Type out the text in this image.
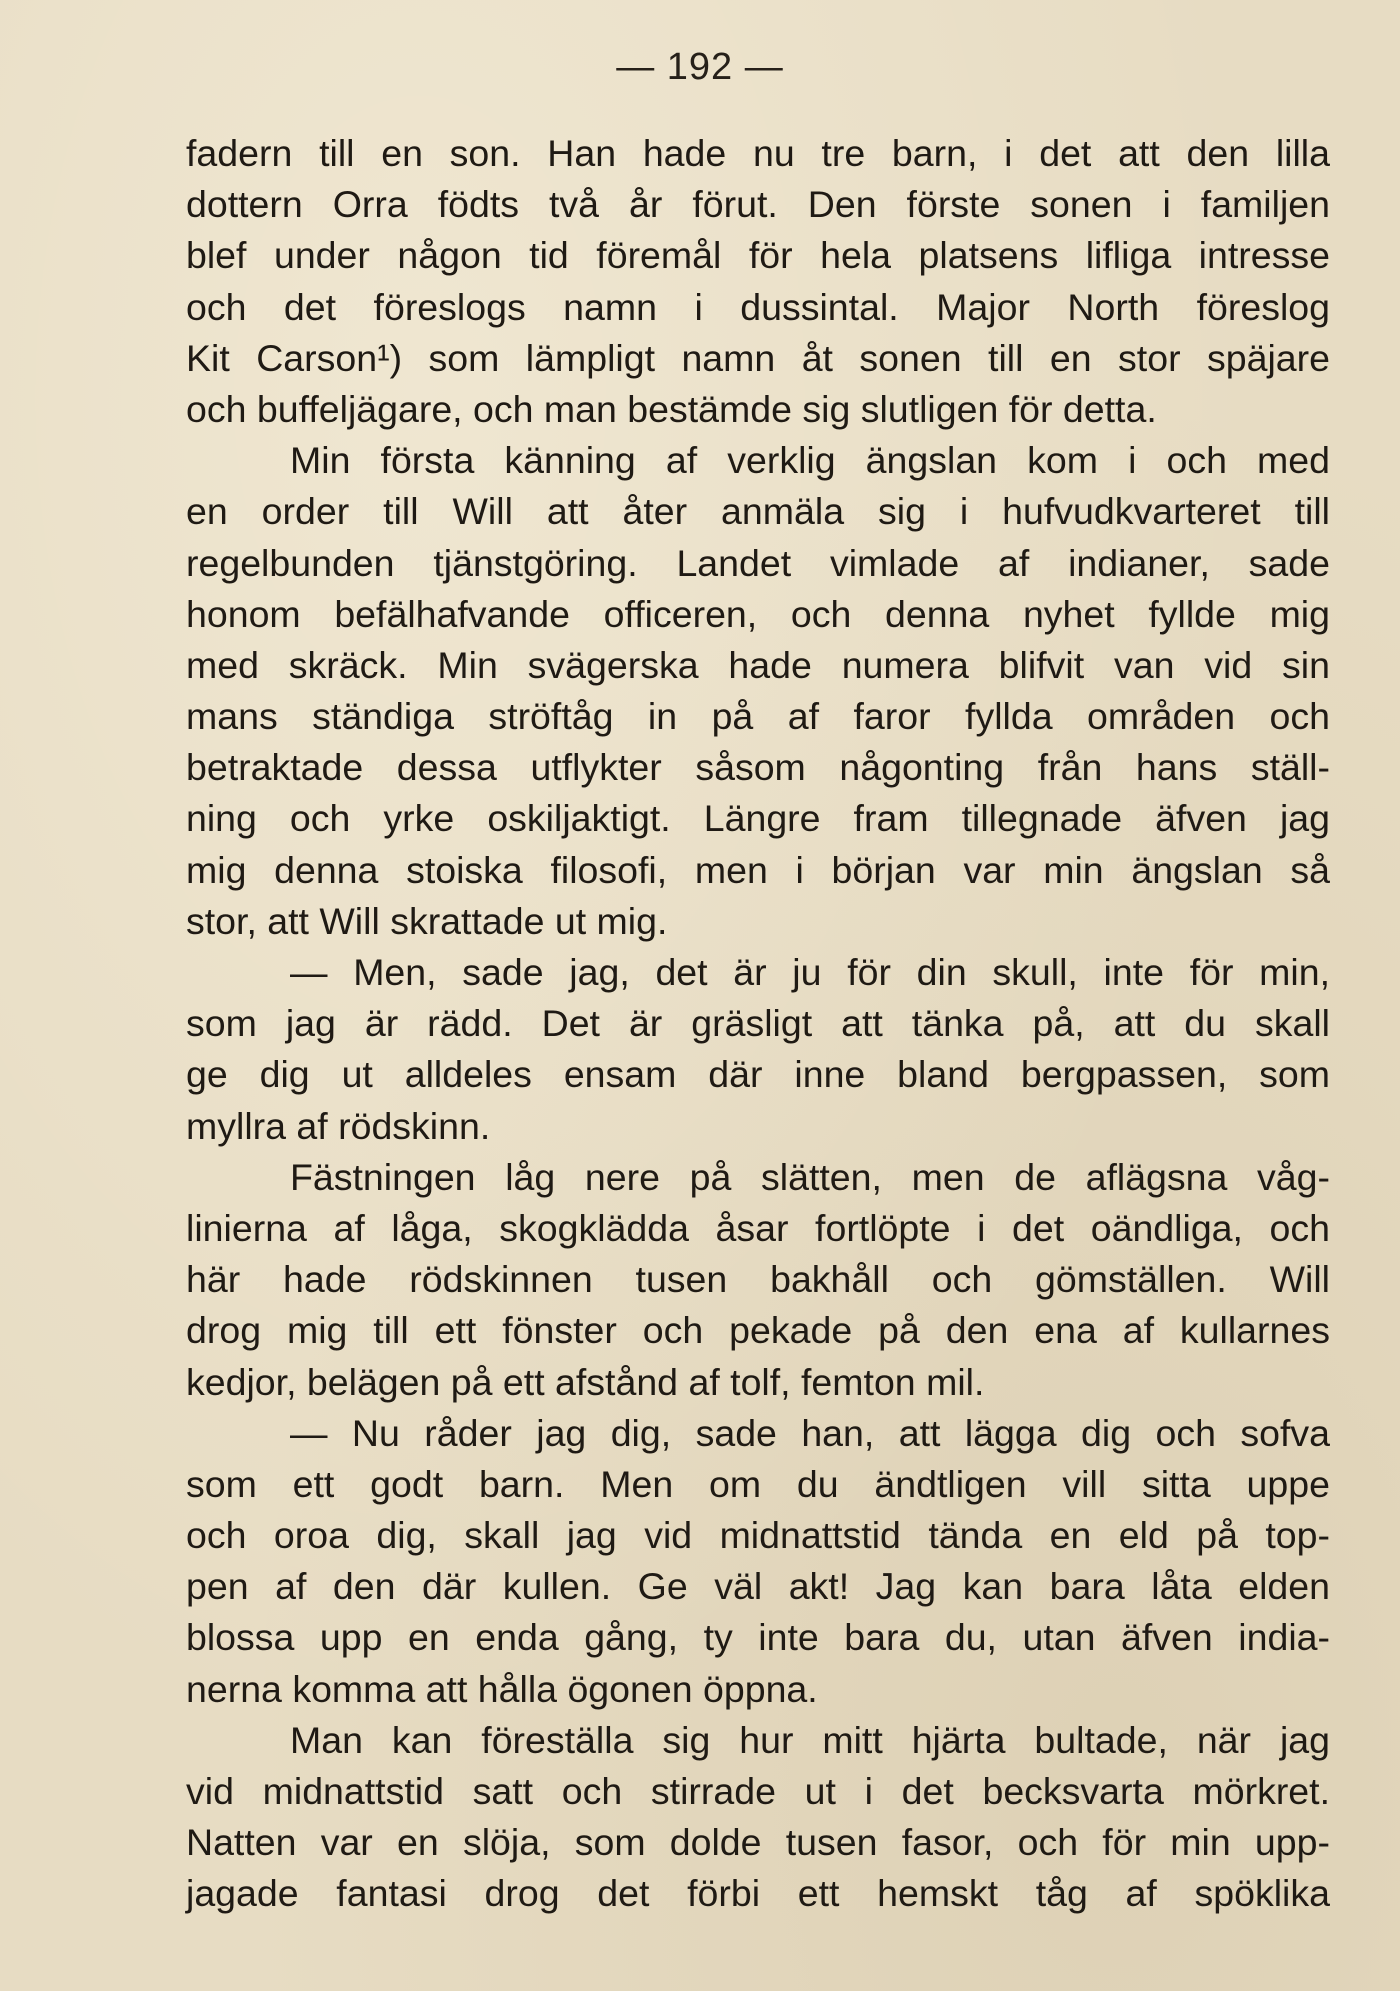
— 192 —
fadern till en son. Han hade nu tre barn, i det att den lilla
dottern Orra födts två år förut. Den förste sonen i familjen
blef under någon tid föremål för hela platsens lifliga intresse
och det föreslogs namn i dussintal. Major North föreslog
Kit Carson¹) som lämpligt namn åt sonen till en stor späjare
och buffeljägare, och man bestämde sig slutligen för detta.
Min första känning af verklig ängslan kom i och med
en order till Will att åter anmäla sig i hufvudkvarteret till
regelbunden tjänstgöring. Landet vimlade af indianer, sade
honom befälhafvande officeren, och denna nyhet fyllde mig
med skräck. Min svägerska hade numera blifvit van vid sin
mans ständiga ströftåg in på af faror fyllda områden och
betraktade dessa utflykter såsom någonting från hans ställ-
ning och yrke oskiljaktigt. Längre fram tillegnade äfven jag
mig denna stoiska filosofi, men i början var min ängslan så
stor, att Will skrattade ut mig.
— Men, sade jag, det är ju för din skull, inte för min,
som jag är rädd. Det är gräsligt att tänka på, att du skall
ge dig ut alldeles ensam där inne bland bergpassen, som
myllra af rödskinn.
Fästningen låg nere på slätten, men de aflägsna våg-
linierna af låga, skogklädda åsar fortlöpte i det oändliga, och
här hade rödskinnen tusen bakhåll och gömställen. Will
drog mig till ett fönster och pekade på den ena af kullarnes
kedjor, belägen på ett afstånd af tolf, femton mil.
— Nu råder jag dig, sade han, att lägga dig och sofva
som ett godt barn. Men om du ändtligen vill sitta uppe
och oroa dig, skall jag vid midnattstid tända en eld på top-
pen af den där kullen. Ge väl akt! Jag kan bara låta elden
blossa upp en enda gång, ty inte bara du, utan äfven india-
nerna komma att hålla ögonen öppna.
Man kan föreställa sig hur mitt hjärta bultade, när jag
vid midnattstid satt och stirrade ut i det becksvarta mörkret.
Natten var en slöja, som dolde tusen fasor, och för min upp-
jagade fantasi drog det förbi ett hemskt tåg af spöklika
